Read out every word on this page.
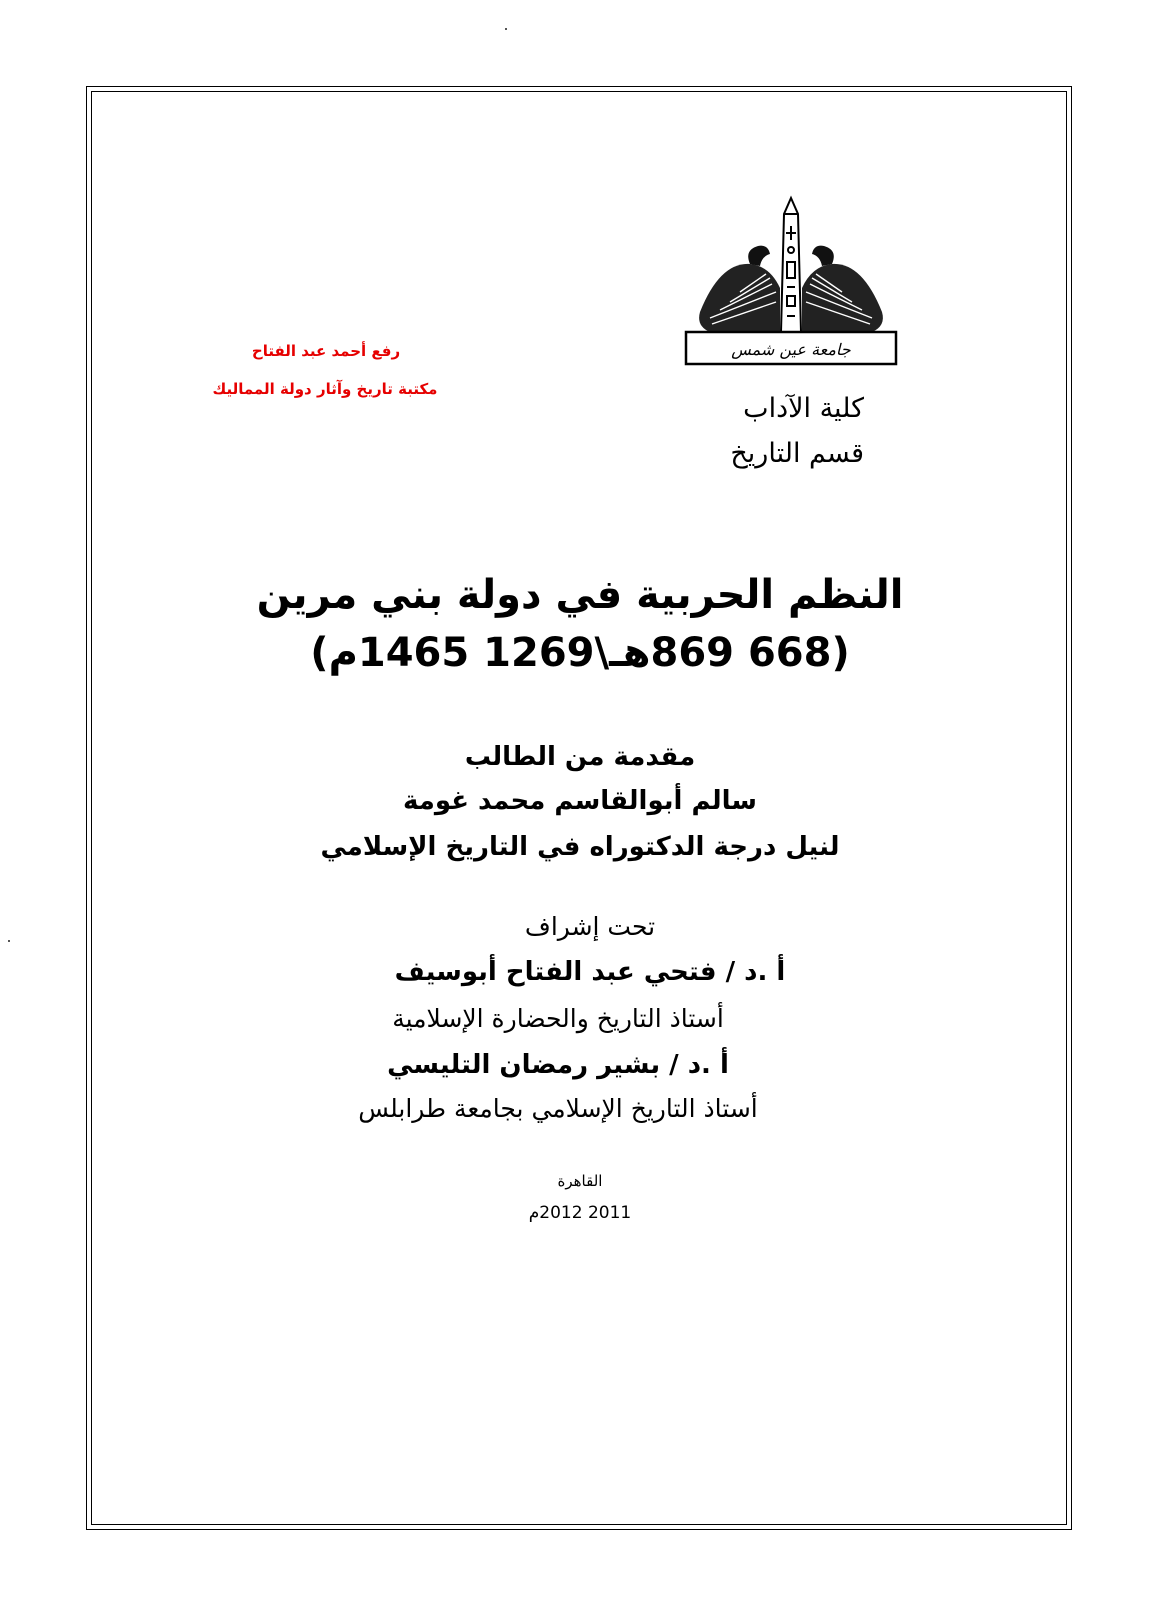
جامعة عين شمس
رفع أحمد عبد الفتاح
مكتبة تاريخ وآثار دولة المماليك
كلية الآداب
قسم التاريخ
النظم الحربية في دولة بني مرين
(668 869هـ\1269 1465م)
مقدمة من الطالب
سالم أبوالقاسم محمد غومة
لنيل درجة الدكتوراه في التاريخ الإسلامي
تحت إشراف
أ .د / فتحي عبد الفتاح أبوسيف
أستاذ التاريخ والحضارة الإسلامية
أ .د / بشير رمضان التليسي
أستاذ التاريخ الإسلامي بجامعة طرابلس
القاهرة
2011 2012م
